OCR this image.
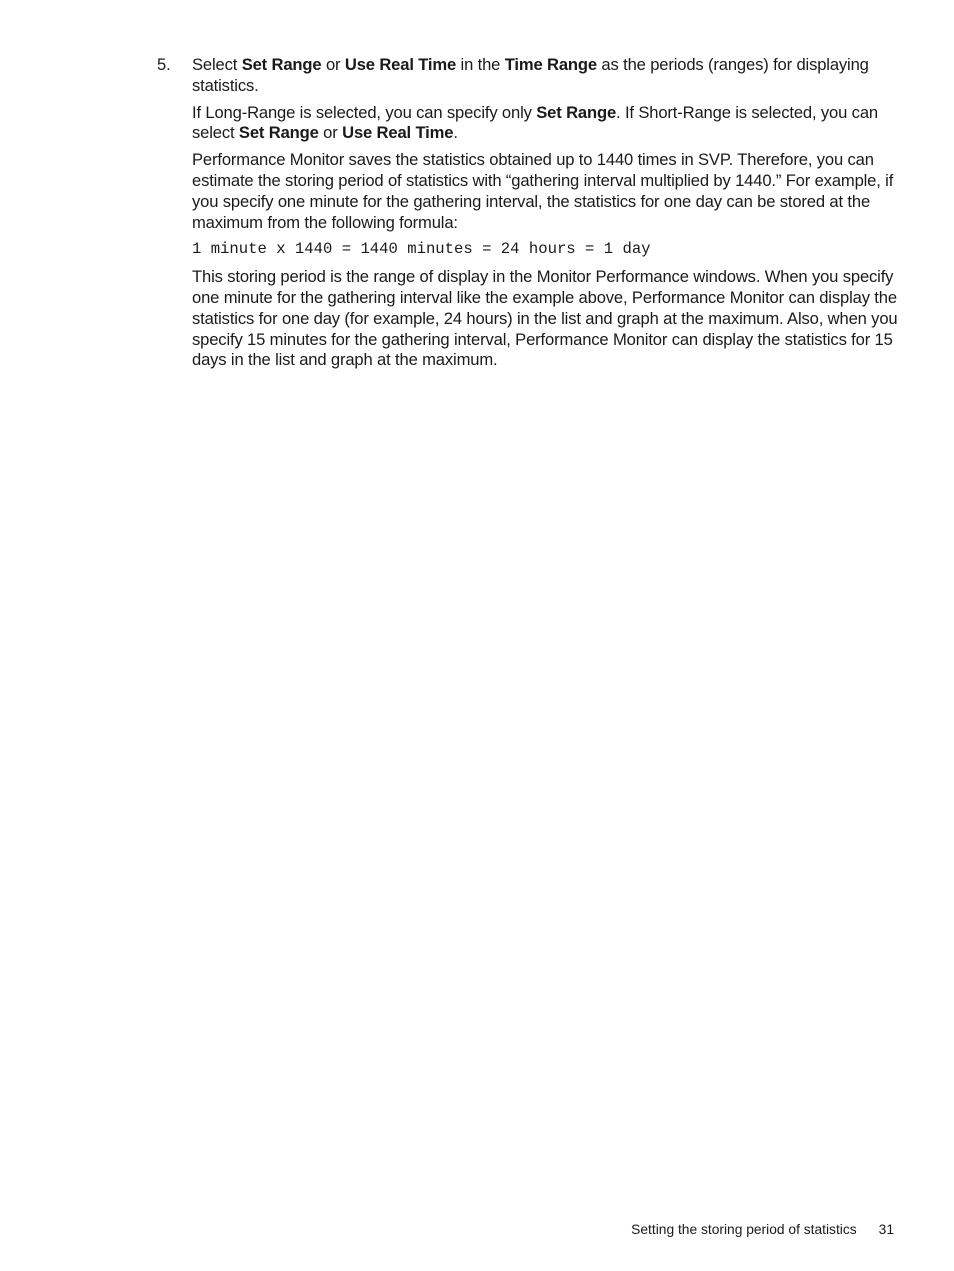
5. Select Set Range or Use Real Time in the Time Range as the periods (ranges) for displaying statistics.

If Long-Range is selected, you can specify only Set Range. If Short-Range is selected, you can select Set Range or Use Real Time.

Performance Monitor saves the statistics obtained up to 1440 times in SVP. Therefore, you can estimate the storing period of statistics with “gathering interval multiplied by 1440.” For example, if you specify one minute for the gathering interval, the statistics for one day can be stored at the maximum from the following formula:

1 minute x 1440 = 1440 minutes = 24 hours = 1 day

This storing period is the range of display in the Monitor Performance windows. When you specify one minute for the gathering interval like the example above, Performance Monitor can display the statistics for one day (for example, 24 hours) in the list and graph at the maximum. Also, when you specify 15 minutes for the gathering interval, Performance Monitor can display the statistics for 15 days in the list and graph at the maximum.

Setting the storing period of statistics 31
